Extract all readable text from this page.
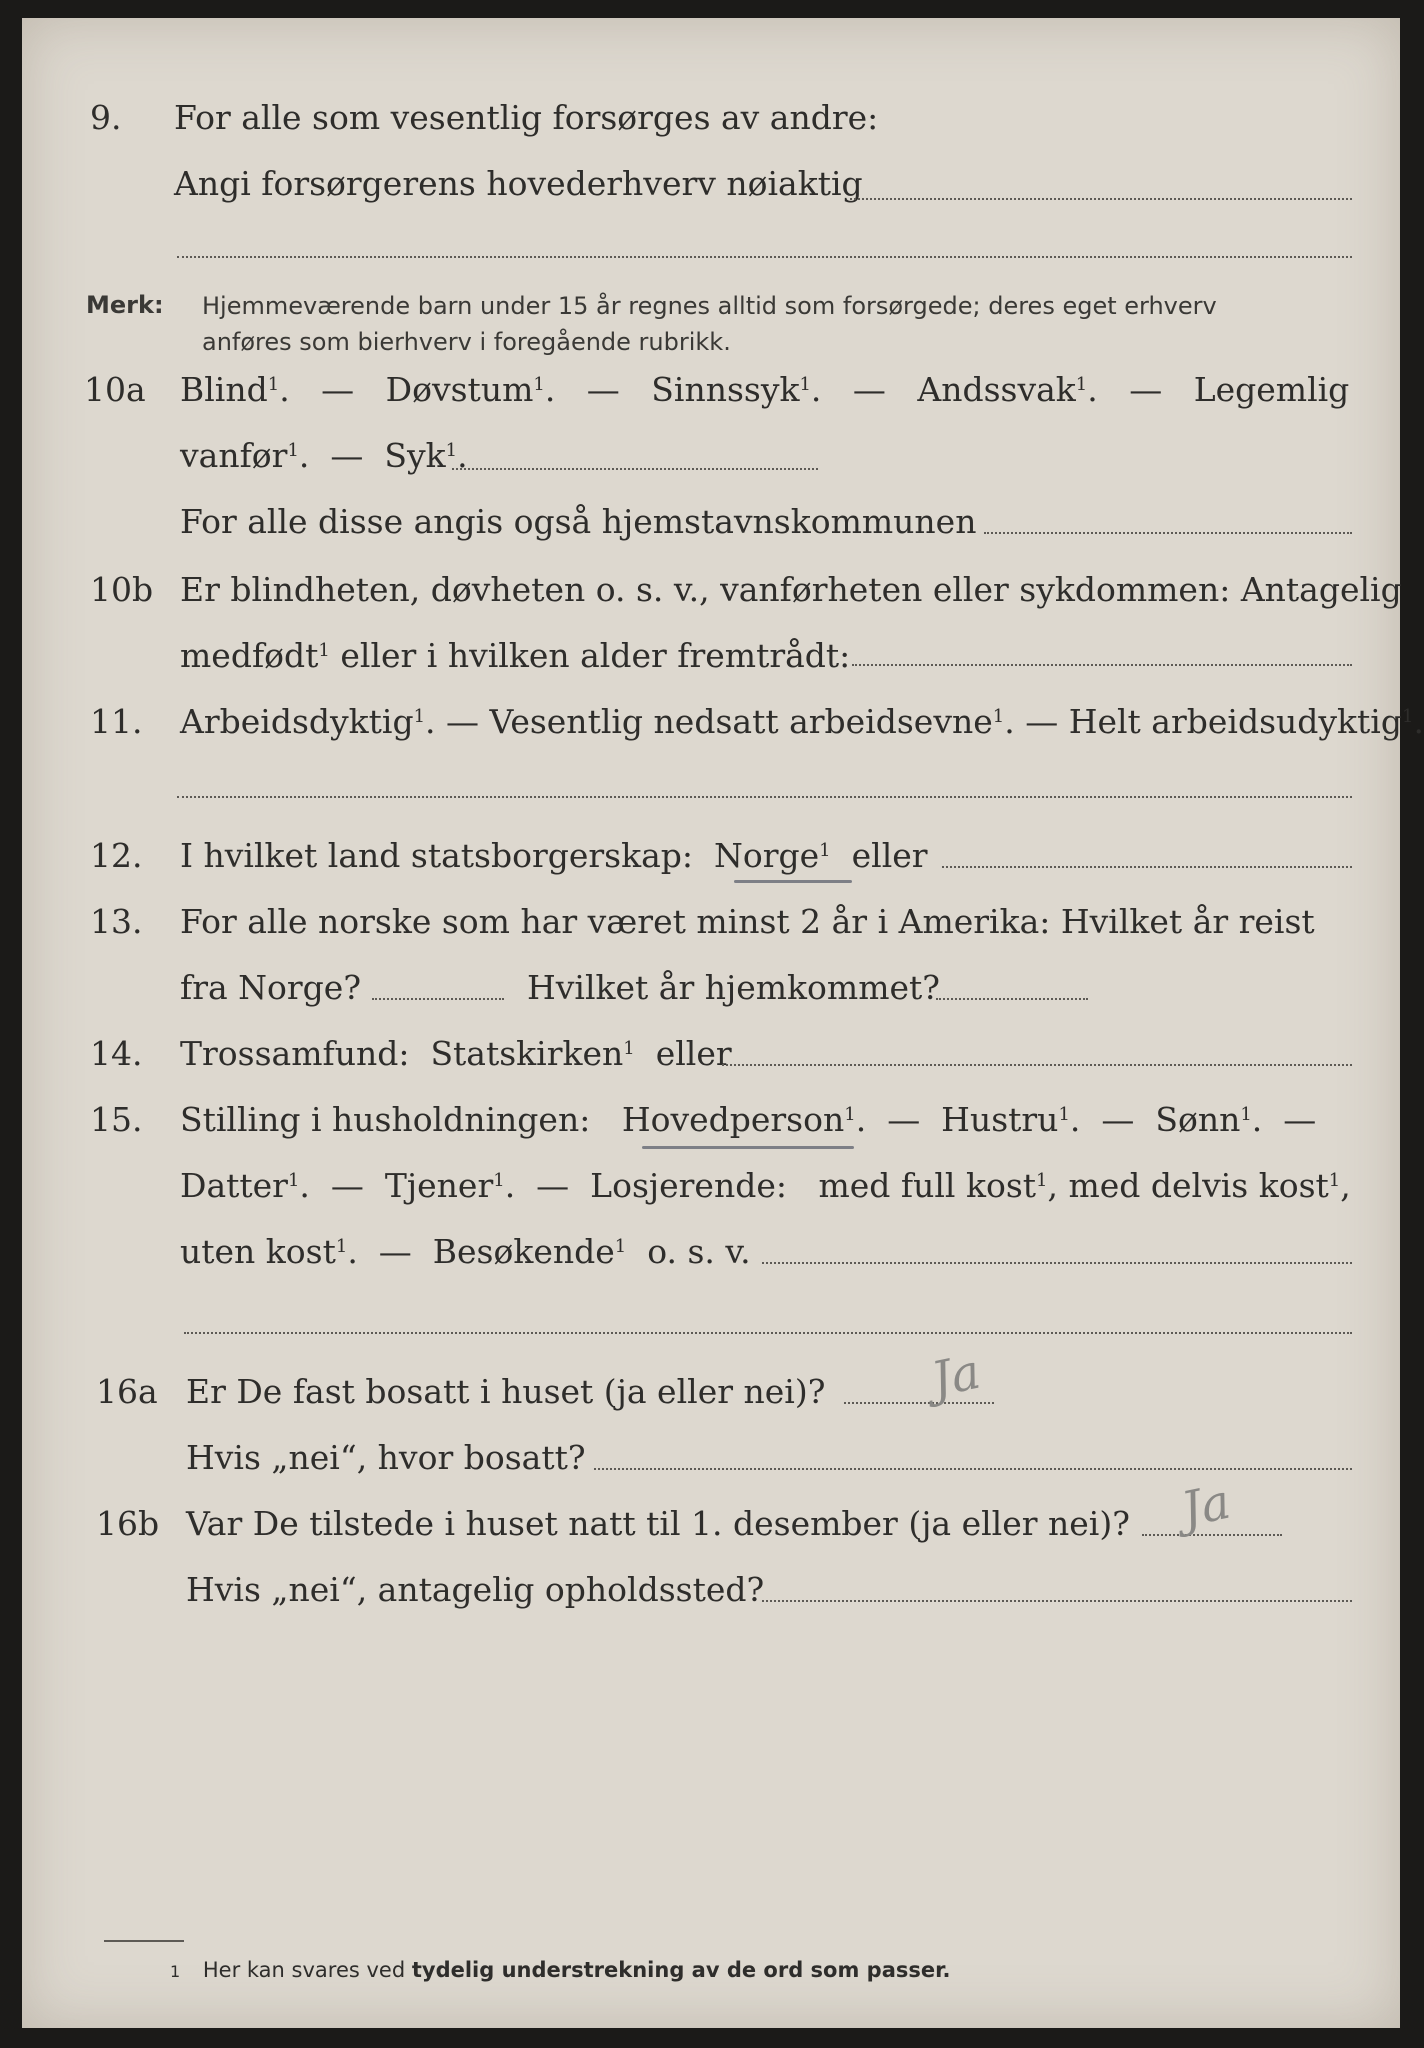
9. For alle som vesentlig forsørges av andre:
Angi forsørgerens hovederhverv nøiaktig
Merk: Hjemmeværende barn under 15 år regnes alltid som forsørgede; deres eget erhverv
anføres som bierhverv i foregående rubrikk.
10a Blind$^1$.   — Døvstum$^1$.   — Sinnssyk$^1$.   — Andssvak$^1$.   — Legemlig
vanfør$^1$.  — Syk$^1$.
For alle disse angis også hjemstavnskommunen
10b Er blindheten, døvheten o. s. v., vanførheten eller sykdommen: Antagelig
medfødt$^1$ eller i hvilken alder fremtrådt:
11. Arbeidsdyktig$^1$. — Vesentlig nedsatt arbeidsevne$^1$. — Helt arbeidsudyktig$^1$.
12. I hvilket land statsborgerskap: Norge$^1$ eller
13. For alle norske som har været minst 2 år i Amerika: Hvilket år reist
fra Norge?	Hvilket år hjemkommet?
14. Trossamfund: Statskirken$^1$ eller
15. Stilling i husholdningen: Hovedperson$^1$.  — Hustru$^1$.  — Sønn$^1$.  —
Datter$^1$.  — Tjener$^1$.  — Losjerende: med full kost$^1$, med delvis kost$^1$,
uten kost$^1$.  — Besøkende$^1$ o. s. v.
16a Er De fast bosatt i huset (ja eller nei)? Ja
Hvis „nei“, hvor bosatt?
16b Var De tilstede i huset natt til 1. desember (ja eller nei)? Ja
Hvis „nei“, antagelig opholdssted?
1 Her kan svares ved tydelig understrekning av de ord som passer.
